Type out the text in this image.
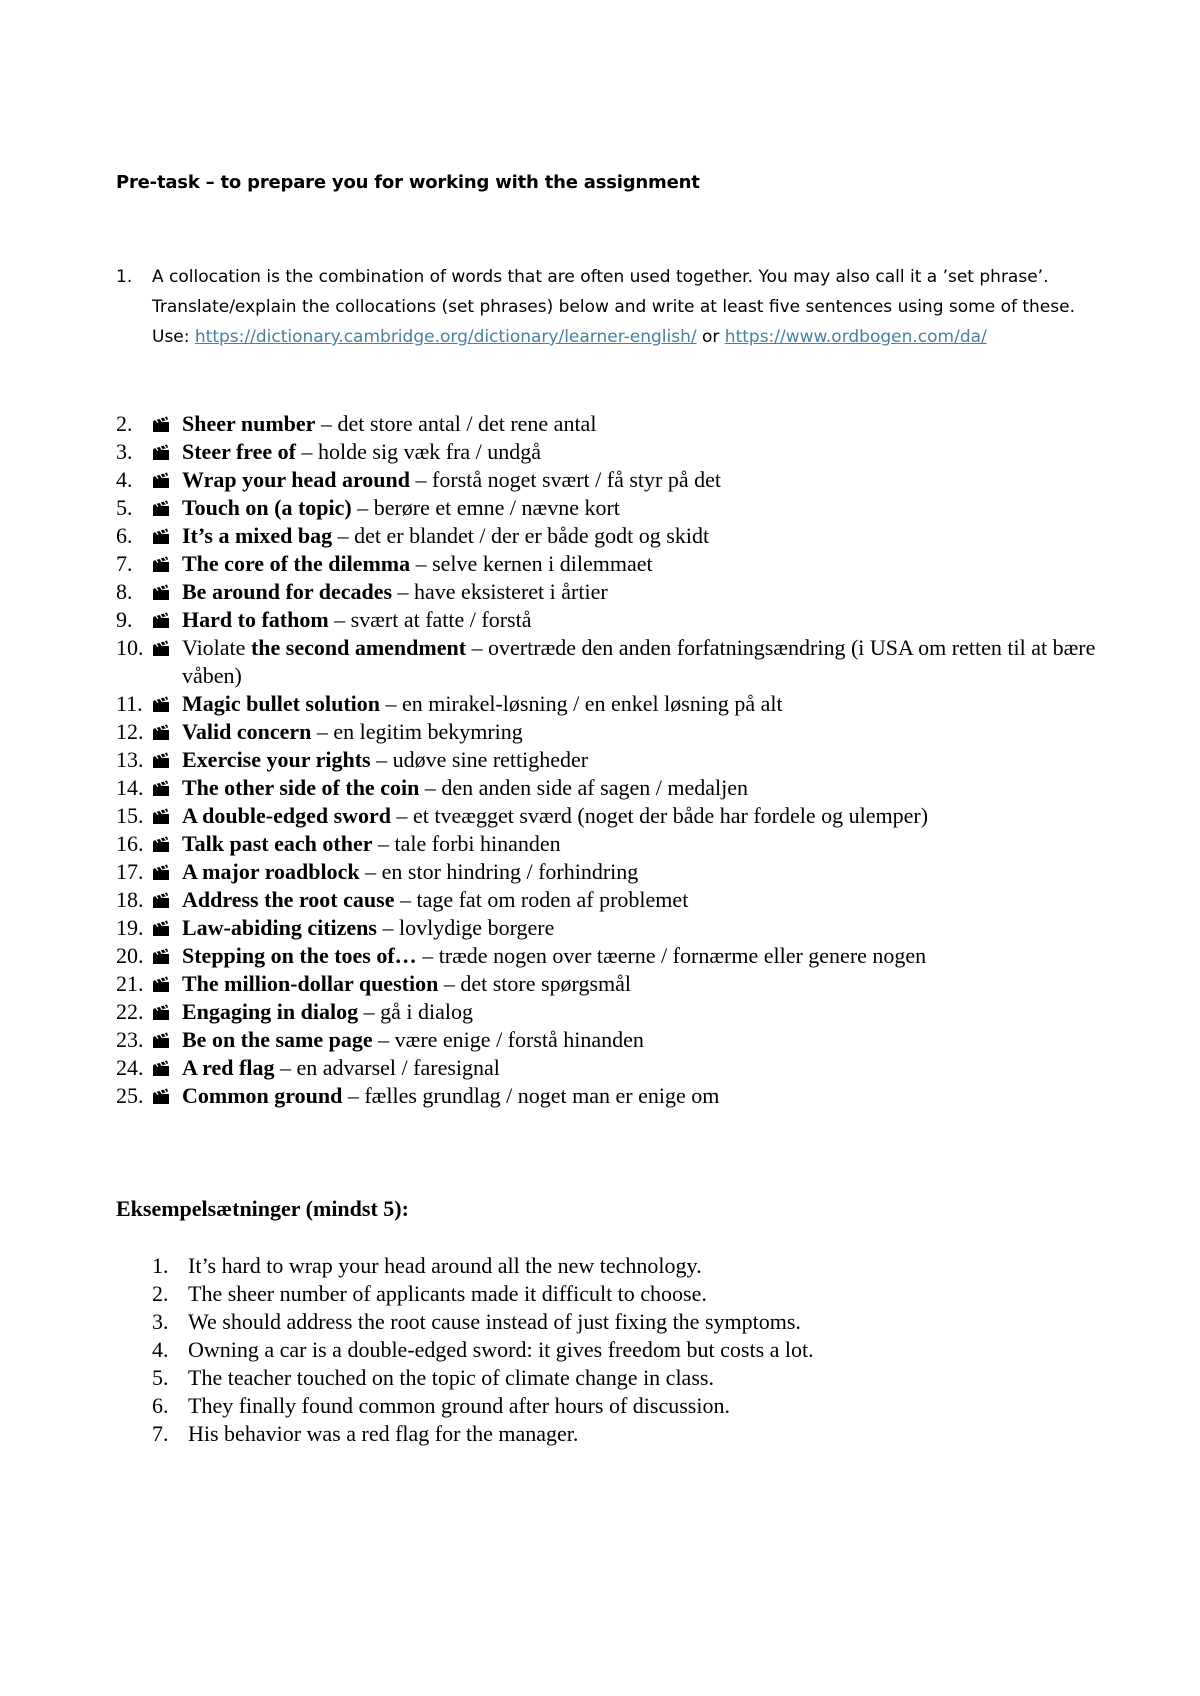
Pre-task – to prepare you for working with the assignment
1.	A collocation is the combination of words that are often used together. You may also call it a ’set phrase’. Translate/explain the collocations (set phrases) below and write at least five sentences using some of these. Use: https://dictionary.cambridge.org/dictionary/learner-english/ or https://www.ordbogen.com/da/
2.	Sheer number – det store antal / det rene antal
3.	Steer free of – holde sig væk fra / undgå
4.	Wrap your head around – forstå noget svært / få styr på det
5.	Touch on (a topic) – berøre et emne / nævne kort
6.	It’s a mixed bag – det er blandet / der er både godt og skidt
7.	The core of the dilemma – selve kernen i dilemmaet
8.	Be around for decades – have eksisteret i årtier
9.	Hard to fathom – svært at fatte / forstå
10.	Violate the second amendment – overtræde den anden forfatningsændring (i USA om retten til at bære våben)
11.	Magic bullet solution – en mirakel-løsning / en enkel løsning på alt
12.	Valid concern – en legitim bekymring
13.	Exercise your rights – udøve sine rettigheder
14.	The other side of the coin – den anden side af sagen / medaljen
15.	A double-edged sword – et tveægget sværd (noget der både har fordele og ulemper)
16.	Talk past each other – tale forbi hinanden
17.	A major roadblock – en stor hindring / forhindring
18.	Address the root cause – tage fat om roden af problemet
19.	Law-abiding citizens – lovlydige borgere
20.	Stepping on the toes of… – træde nogen over tæerne / fornærme eller genere nogen
21.	The million-dollar question – det store spørgsmål
22.	Engaging in dialog – gå i dialog
23.	Be on the same page – være enige / forstå hinanden
24.	A red flag – en advarsel / faresignal
25.	Common ground – fælles grundlag / noget man er enige om
Eksempelsætninger (mindst 5):
1. It’s hard to wrap your head around all the new technology.
2. The sheer number of applicants made it difficult to choose.
3. We should address the root cause instead of just fixing the symptoms.
4. Owning a car is a double-edged sword: it gives freedom but costs a lot.
5. The teacher touched on the topic of climate change in class.
6. They finally found common ground after hours of discussion.
7. His behavior was a red flag for the manager.
